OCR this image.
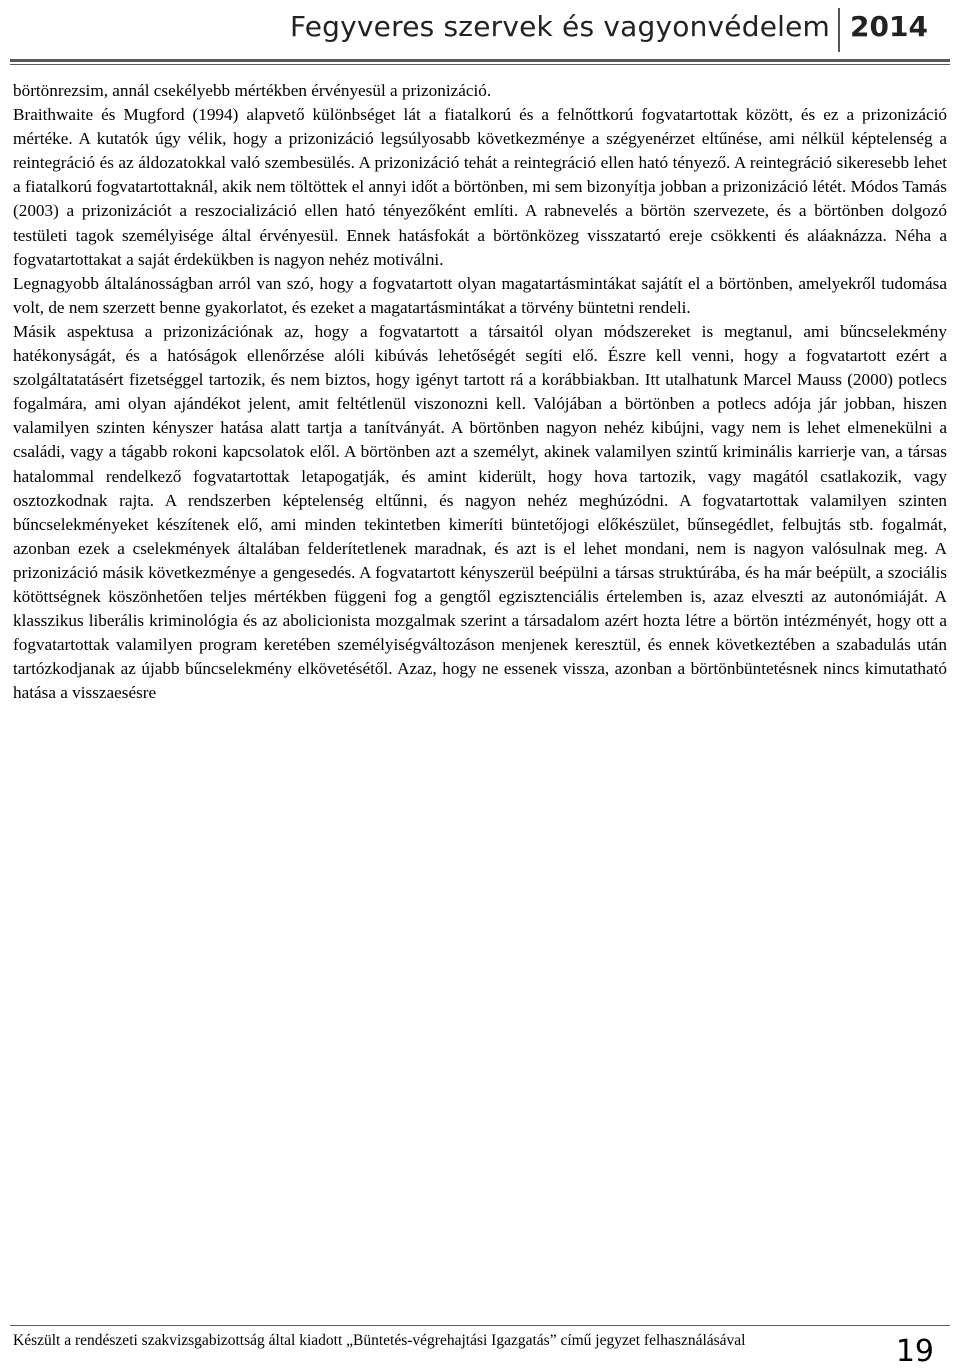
Fegyveres szervek és vagyonvédelem 2014

börtönrezsim, annál csekélyebb mértékben érvényesül a prizonizáció.

Braithwaite és Mugford (1994) alapvető különbséget lát a fiatalkorú és a felnőttkorú fogvatartottak között, és ez a prizonizáció mértéke. A kutatók úgy vélik, hogy a prizonizáció legsúlyosabb következménye a szégyenérzet eltűnése, ami nélkül képtelenség a reintegráció és az áldozatokkal való szembesülés. A prizonizáció tehát a reintegráció ellen ható tényező. A reintegráció sikeresebb lehet a fiatalkorú fogvatartottaknál, akik nem töltöttek el annyi időt a börtönben, mi sem bizonyítja jobban a prizonizáció létét. Módos Tamás (2003) a prizonizációt a reszocializáció ellen ható tényezőként említi. A rabnevelés a börtön szervezete, és a börtönben dolgozó testületi tagok személyisége által érvényesül. Ennek hatásfokát a börtönközeg visszatartó ereje csökkenti és aláaknázza. Néha a fogvatartottakat a saját érdekükben is nagyon nehéz motiválni.

Legnagyobb általánosságban arról van szó, hogy a fogvatartott olyan magatartásmintákat sajátít el a börtönben, amelyekről tudomása volt, de nem szerzett benne gyakorlatot, és ezeket a magatartásmintákat a törvény büntetni rendeli.

Másik aspektusa a prizonizációnak az, hogy a fogvatartott a társaitól olyan módszereket is megtanul, ami bűncselekmény hatékonyságát, és a hatóságok ellenőrzése alóli kibúvás lehetőségét segíti elő. Észre kell venni, hogy a fogvatartott ezért a szolgáltatatásért fizetséggel tartozik, és nem biztos, hogy igényt tartott rá a korábbiakban. Itt utalhatunk Marcel Mauss (2000) potlecs fogalmára, ami olyan ajándékot jelent, amit feltétlenül viszonozni kell. Valójában a börtönben a potlecs adója jár jobban, hiszen valamilyen szinten kényszer hatása alatt tartja a tanítványát. A börtönben nagyon nehéz kibújni, vagy nem is lehet elmenekülni a családi, vagy a tágabb rokoni kapcsolatok elől. A börtönben azt a személyt, akinek valamilyen szintű kriminális karrierje van, a társas hatalommal rendelkező fogvatartottak letapogatják, és amint kiderült, hogy hova tartozik, vagy magától csatlakozik, vagy osztozkodnak rajta. A rendszerben képtelenség eltűnni, és nagyon nehéz meghúzódni. A fogvatartottak valamilyen szinten bűncselekményeket készítenek elő, ami minden tekintetben kimeríti büntetőjogi előkészület, bűnsegédlet, felbujtás stb. fogalmát, azonban ezek a cselekmények általában felderítetlenek maradnak, és azt is el lehet mondani, nem is nagyon valósulnak meg. A prizonizáció másik következménye a gengesedés. A fogvatartott kényszerül beépülni a társas struktúrába, és ha már beépült, a szociális kötöttségnek köszönhetően teljes mértékben függeni fog a gengtől egzisztenciális értelemben is, azaz elveszti az autonómiáját. A klasszikus liberális kriminológia és az abolicionista mozgalmak szerint a társadalom azért hozta létre a börtön intézményét, hogy ott a fogvatartottak valamilyen program keretében személyiségváltozáson menjenek keresztül, és ennek következtében a szabadulás után tartózkodjanak az újabb bűncselekmény elkövetésétől. Azaz, hogy ne essenek vissza, azonban a börtönbüntetésnek nincs kimutatható hatása a visszaesésre

Készült a rendészeti szakvizsgabizottság által kiadott „Büntetés-végrehajtási Igazgatás” című jegyzet felhasználásával	19
